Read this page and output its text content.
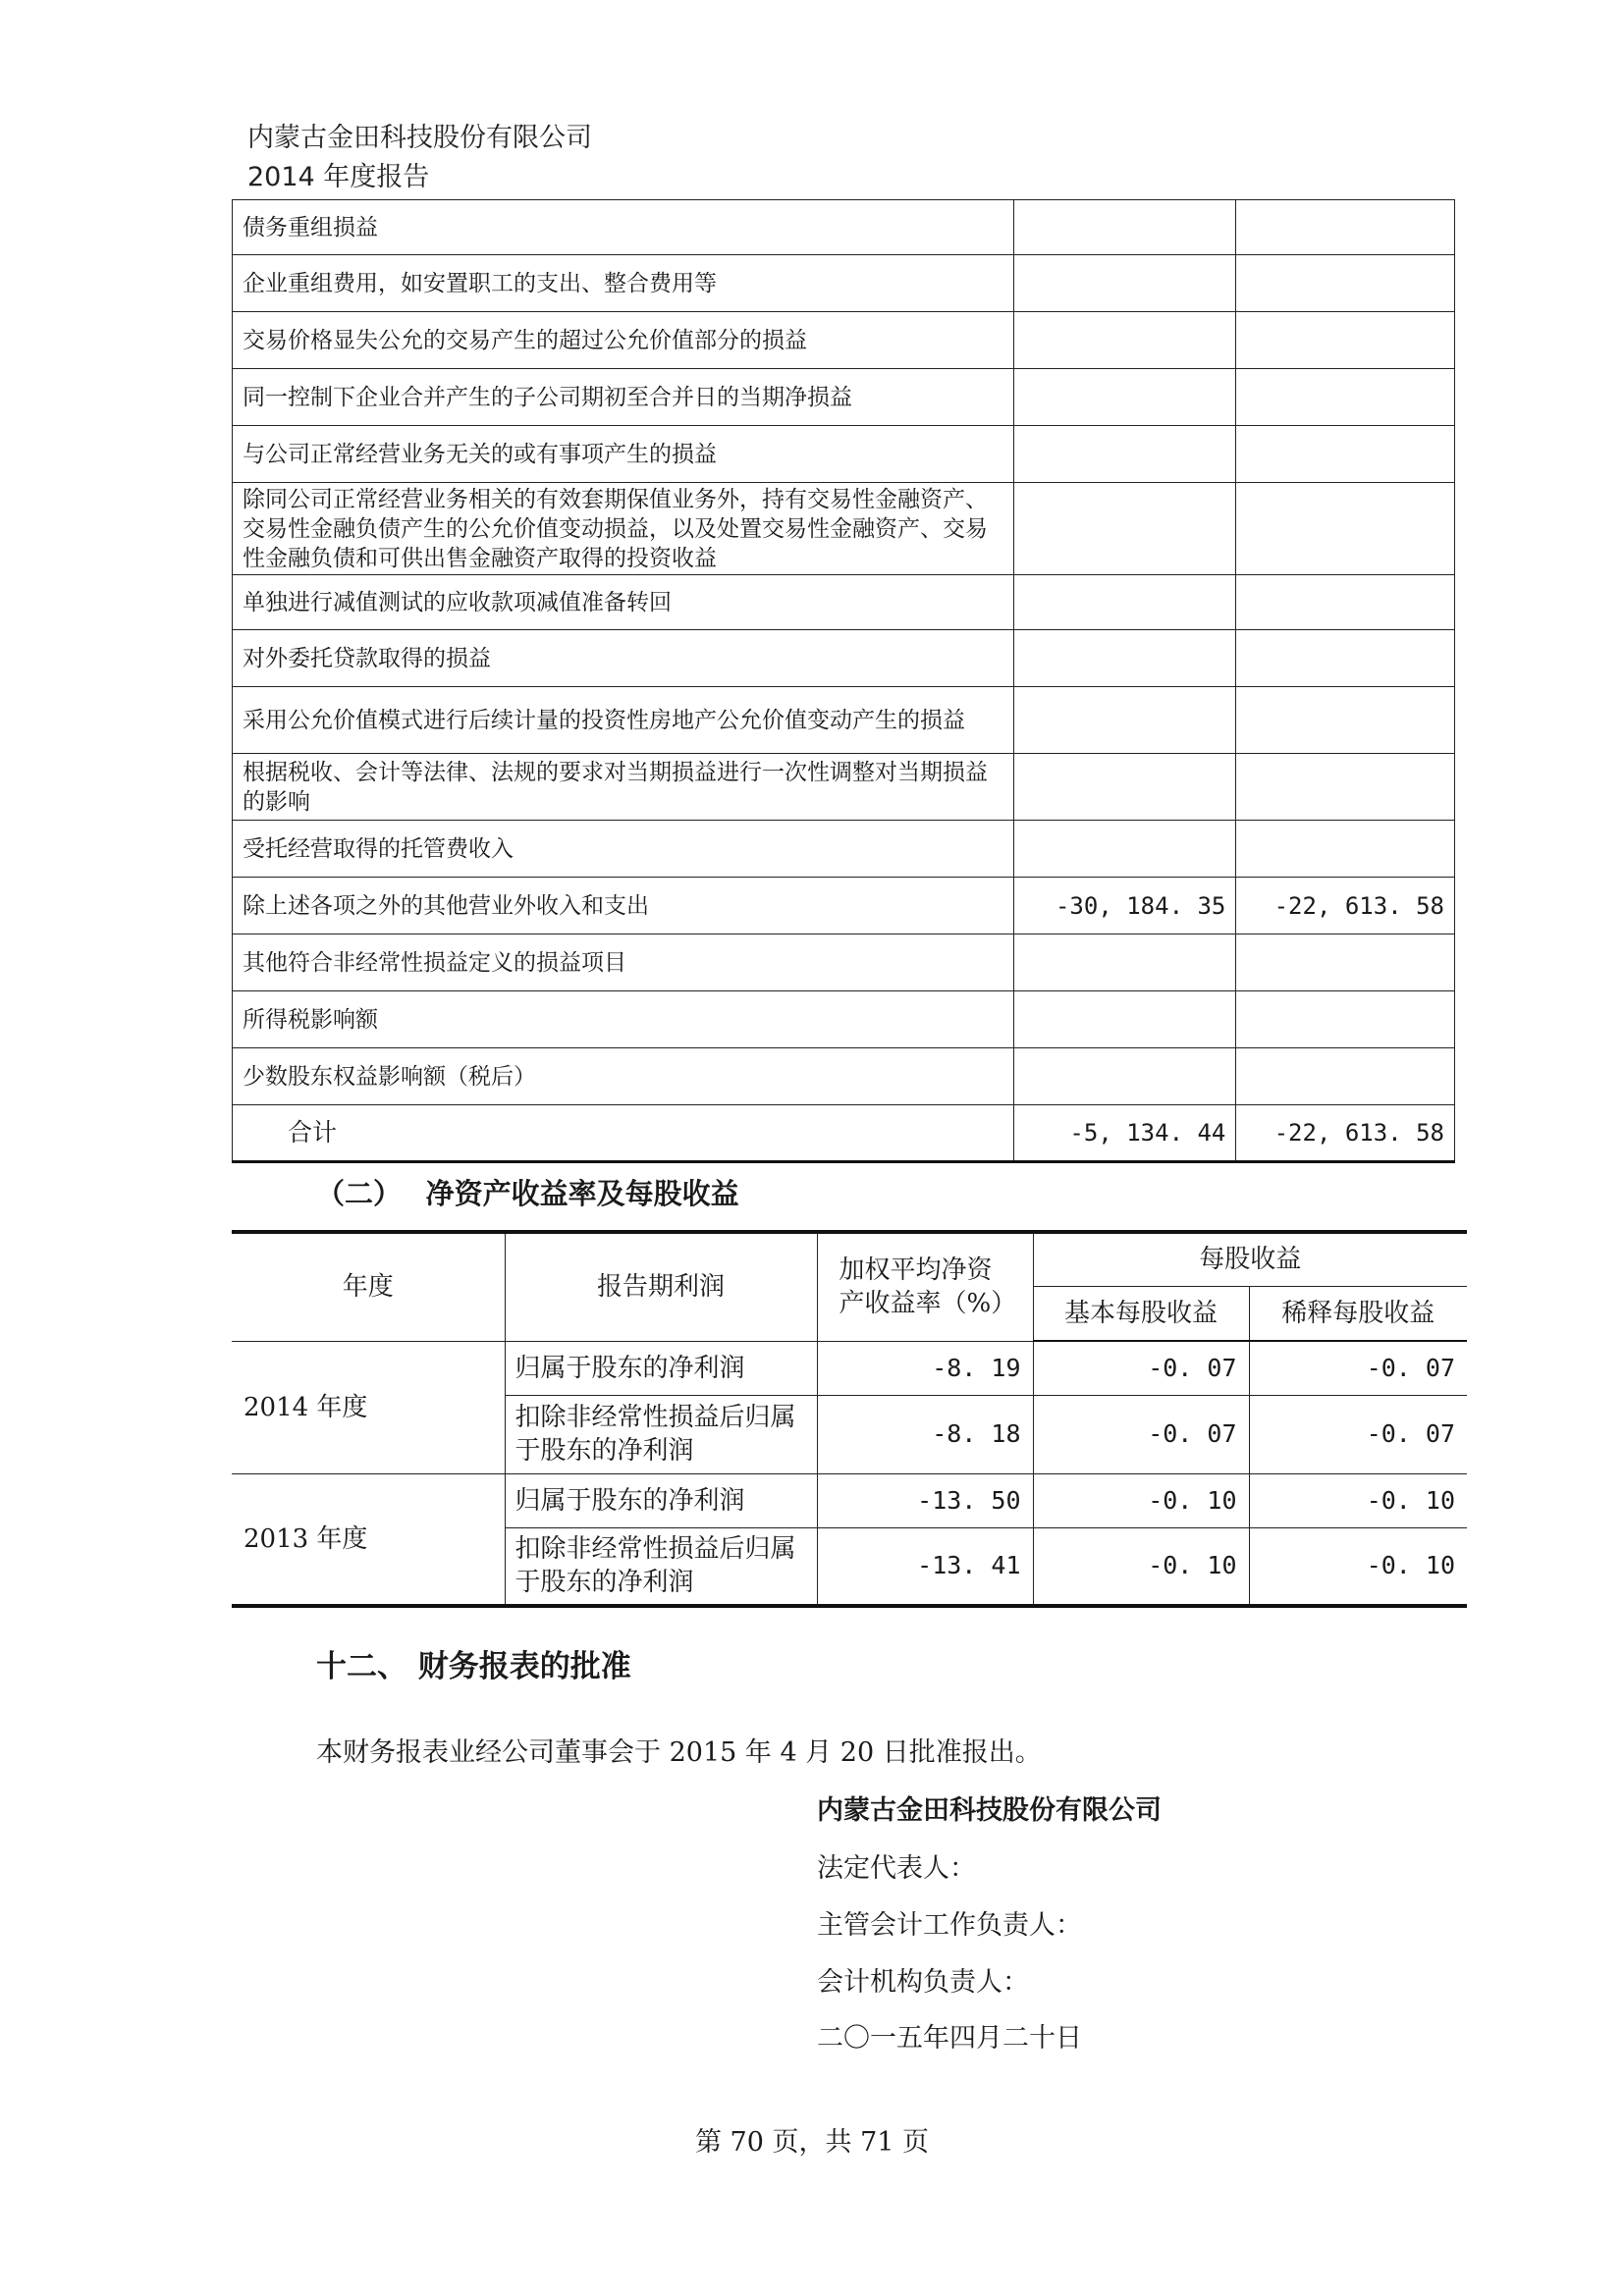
内蒙古金田科技股份有限公司
2014 年度报告
债务重组损益		
企业重组费用，如安置职工的支出、整合费用等		
交易价格显失公允的交易产生的超过公允价值部分的损益		
同一控制下企业合并产生的子公司期初至合并日的当期净损益		
与公司正常经营业务无关的或有事项产生的损益		
除同公司正常经营业务相关的有效套期保值业务外，持有交易性金融资产、交易性金融负债产生的公允价值变动损益，以及处置交易性金融资产、交易性金融负债和可供出售金融资产取得的投资收益		
单独进行减值测试的应收款项减值准备转回		
对外委托贷款取得的损益		
采用公允价值模式进行后续计量的投资性房地产公允价值变动产生的损益		
根据税收、会计等法律、法规的要求对当期损益进行一次性调整对当期损益的影响		
受托经营取得的托管费收入		
除上述各项之外的其他营业外收入和支出	-30, 184. 35	-22, 613. 58
其他符合非经常性损益定义的损益项目		
所得税影响额		
少数股东权益影响额（税后）		
合计	-5, 134. 44	-22, 613. 58
（二）　 净资产收益率及每股收益
年度	报告期利润	加权平均净资产收益率（%）	每股收益	
			基本每股收益	稀释每股收益
2014 年度	归属于股东的净利润	-8. 19	-0. 07	-0. 07
	扣除非经常性损益后归属于股东的净利润	-8. 18	-0. 07	-0. 07
2013 年度	归属于股东的净利润	-13. 50	-0. 10	-0. 10
	扣除非经常性损益后归属于股东的净利润	-13. 41	-0. 10	-0. 10
十二、 财务报表的批准
本财务报表业经公司董事会于 2015 年 4 月 20 日批准报出。
内蒙古金田科技股份有限公司
法定代表人：
主管会计工作负责人：
会计机构负责人：
二〇一五年四月二十日
第 70 页，共 71 页
